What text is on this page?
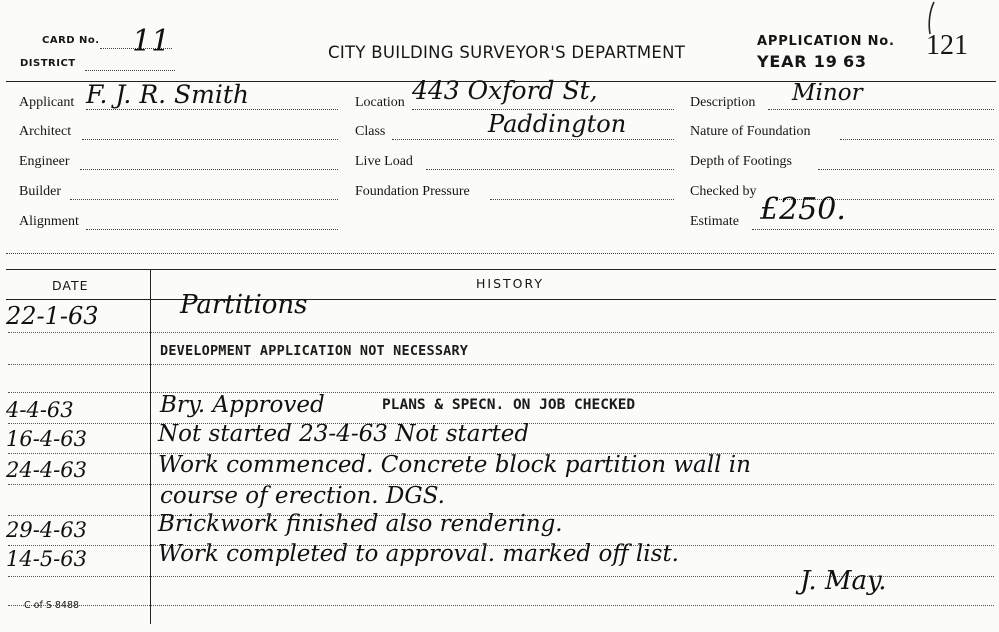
CARD No. 11
DISTRICT
CITY BUILDING SURVEYOR'S DEPARTMENT
APPLICATION No. 121
YEAR 19 63
Applicant F. J. R. Smith
Architect
Engineer
Builder
Alignment
Location 443 Oxford St,
Class	Paddington
Live Load
Foundation Pressure
Description Minor
Nature of Foundation
Depth of Footings
Checked by
Estimate £250.
DATE	HISTORY
22-1-63	Partitions
DEVELOPMENT APPLICATION NOT NECESSARY
4-4-63	Bry. Approved	PLANS & SPECN. ON JOB CHECKED
16-4-63	Not started 23-4-63 Not started
24-4-63	Work commenced. Concrete block partition wall in
course of erection. DGS.
29-4-63	Brickwork finished also rendering.
14-5-63	Work completed to approval. marked off list.
J. May.
C of S 8488
